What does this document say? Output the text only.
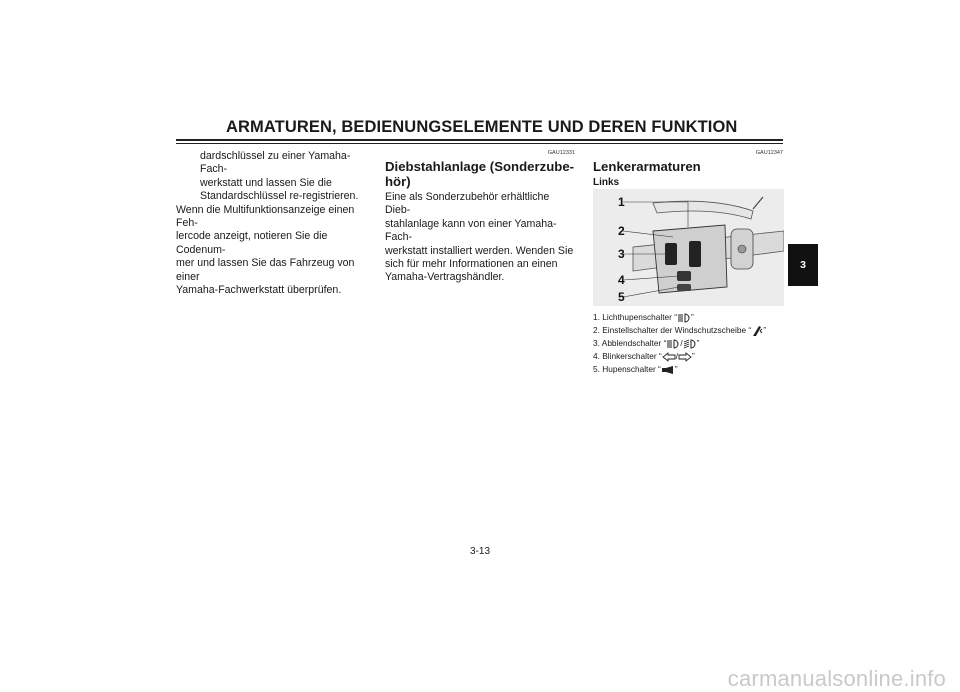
ARMATUREN, BEDIENUNGSELEMENTE UND DEREN FUNKTION

dardschlüssel zu einer Yamaha-Fach-

werkstatt und lassen Sie die

Standardschlüssel re-registrieren.

Wenn die Multifunktionsanzeige einen Feh-

lercode anzeigt, notieren Sie die Codenum-

mer und lassen Sie das Fahrzeug von einer

Yamaha-Fachwerkstatt überprüfen.

GAU12331

Diebstahlanlage (Sonderzube-
hör)

Eine als Sonderzubehör erhältliche Dieb-

stahlanlage kann von einer Yamaha-Fach-

werkstatt installiert werden. Wenden Sie

sich für mehr Informationen an einen

Yamaha-Vertragshändler.

GAU12347

Lenkerarmaturen

Links

1
2
3
4
5
1. Lichthupenschalter “ ”
2. Einstellschalter der Windschutzscheibe “ ”
3. Abblendschalter “ / ”
4. Blinkerschalter “ / ”
5. Hupenschalter “ ”
3
3-13
carmanualsonline.info
